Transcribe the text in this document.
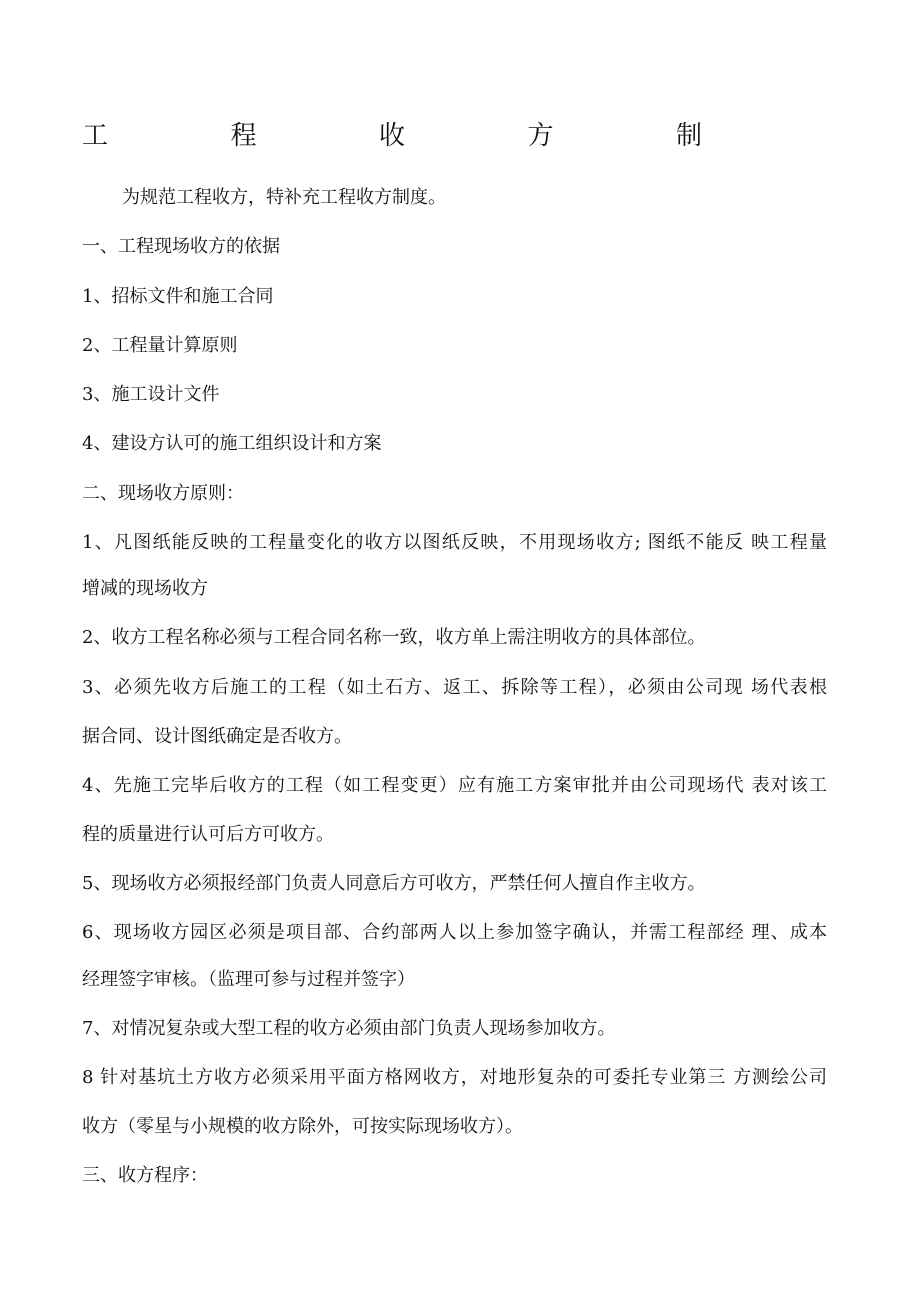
工	程	收	方	制
为规范工程收方，特补充工程收方制度。
一、工程现场收方的依据
1、招标文件和施工合同
2、工程量计算原则
3、施工设计文件
4、建设方认可的施工组织设计和方案
二、现场收方原则：
1、凡图纸能反映的工程量变化的收方以图纸反映，不用现场收方; 图纸不能反 映工程量
增减的现场收方
2、收方工程名称必须与工程合同名称一致，收方单上需注明收方的具体部位。
3、必须先收方后施工的工程（如土石方、返工、拆除等工程），必须由公司现 场代表根
据合同、设计图纸确定是否收方。
4、先施工完毕后收方的工程（如工程变更）应有施工方案审批并由公司现场代 表对该工
程的质量进行认可后方可收方。
5、现场收方必须报经部门负责人同意后方可收方，严禁任何人擅自作主收方。
6、现场收方园区必须是项目部、合约部两人以上参加签字确认，并需工程部经 理、成本
经理签字审核。（监理可参与过程并签字）
7、对情况复杂或大型工程的收方必须由部门负责人现场参加收方。
8 针对基坑土方收方必须采用平面方格网收方，对地形复杂的可委托专业第三 方测绘公司
收方（零星与小规模的收方除外，可按实际现场收方）。
三、收方程序：
